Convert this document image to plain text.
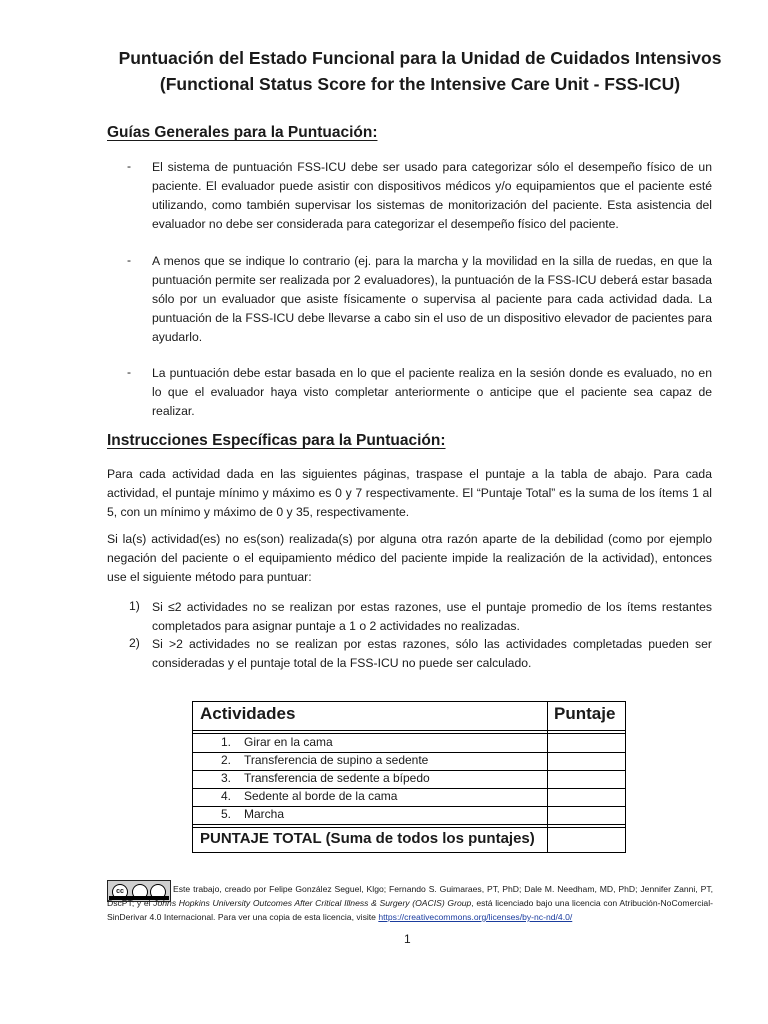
Puntuación del Estado Funcional para la Unidad de Cuidados Intensivos
(Functional Status Score for the Intensive Care Unit - FSS-ICU)
Guías Generales para la Puntuación:
- El sistema de puntuación FSS-ICU debe ser usado para categorizar sólo el desempeño físico de un paciente. El evaluador puede asistir con dispositivos médicos y/o equipamientos que el paciente esté utilizando, como también supervisar los sistemas de monitorización del paciente. Esta asistencia del evaluador no debe ser considerada para categorizar el desempeño físico del paciente.
- A menos que se indique lo contrario (ej. para la marcha y la movilidad en la silla de ruedas, en que la puntuación permite ser realizada por 2 evaluadores), la puntuación de la FSS-ICU deberá estar basada sólo por un evaluador que asiste físicamente o supervisa al paciente para cada actividad dada. La puntuación de la FSS-ICU debe llevarse a cabo sin el uso de un dispositivo elevador de pacientes para ayudarlo.
- La puntuación debe estar basada en lo que el paciente realiza en la sesión donde es evaluado, no en lo que el evaluador haya visto completar anteriormente o anticipe que el paciente sea capaz de realizar.
Instrucciones Específicas para la Puntuación:
Para cada actividad dada en las siguientes páginas, traspase el puntaje a la tabla de abajo. Para cada actividad, el puntaje mínimo y máximo es 0 y 7 respectivamente. El “Puntaje Total” es la suma de los ítems 1 al 5, con un mínimo y máximo de 0 y 35, respectivamente.
Si la(s) actividad(es) no es(son) realizada(s) por alguna otra razón aparte de la debilidad (como por ejemplo negación del paciente o el equipamiento médico del paciente impide la realización de la actividad), entonces use el siguiente método para puntuar:
1) Si ≤2 actividades no se realizan por estas razones, use el puntaje promedio de los ítems restantes completados para asignar puntaje a 1 o 2 actividades no realizadas.
2) Si >2 actividades no se realizan por estas razones, sólo las actividades completadas pueden ser consideradas y el puntaje total de la FSS-ICU no puede ser calculado.
Actividades	Puntaje
1. Girar en la cama
2. Transferencia de supino a sedente
3. Transferencia de sedente a bípedo
4. Sedente al borde de la cama
5. Marcha
PUNTAJE TOTAL (Suma de todos los puntajes)
cc	Este trabajo, creado por Felipe González Seguel, Klgo; Fernando S. Guimaraes, PT, PhD; Dale M. Needham, MD, PhD; Jennifer Zanni, PT, DscPT; y el Johns Hopkins University Outcomes After Critical Illness & Surgery (OACIS) Group, está licenciado bajo una licencia con Atribución-NoComercial-SinDerivar 4.0 Internacional. Para ver una copia de esta licencia, visite https://creativecommons.org/licenses/by-nc-nd/4.0/
1
